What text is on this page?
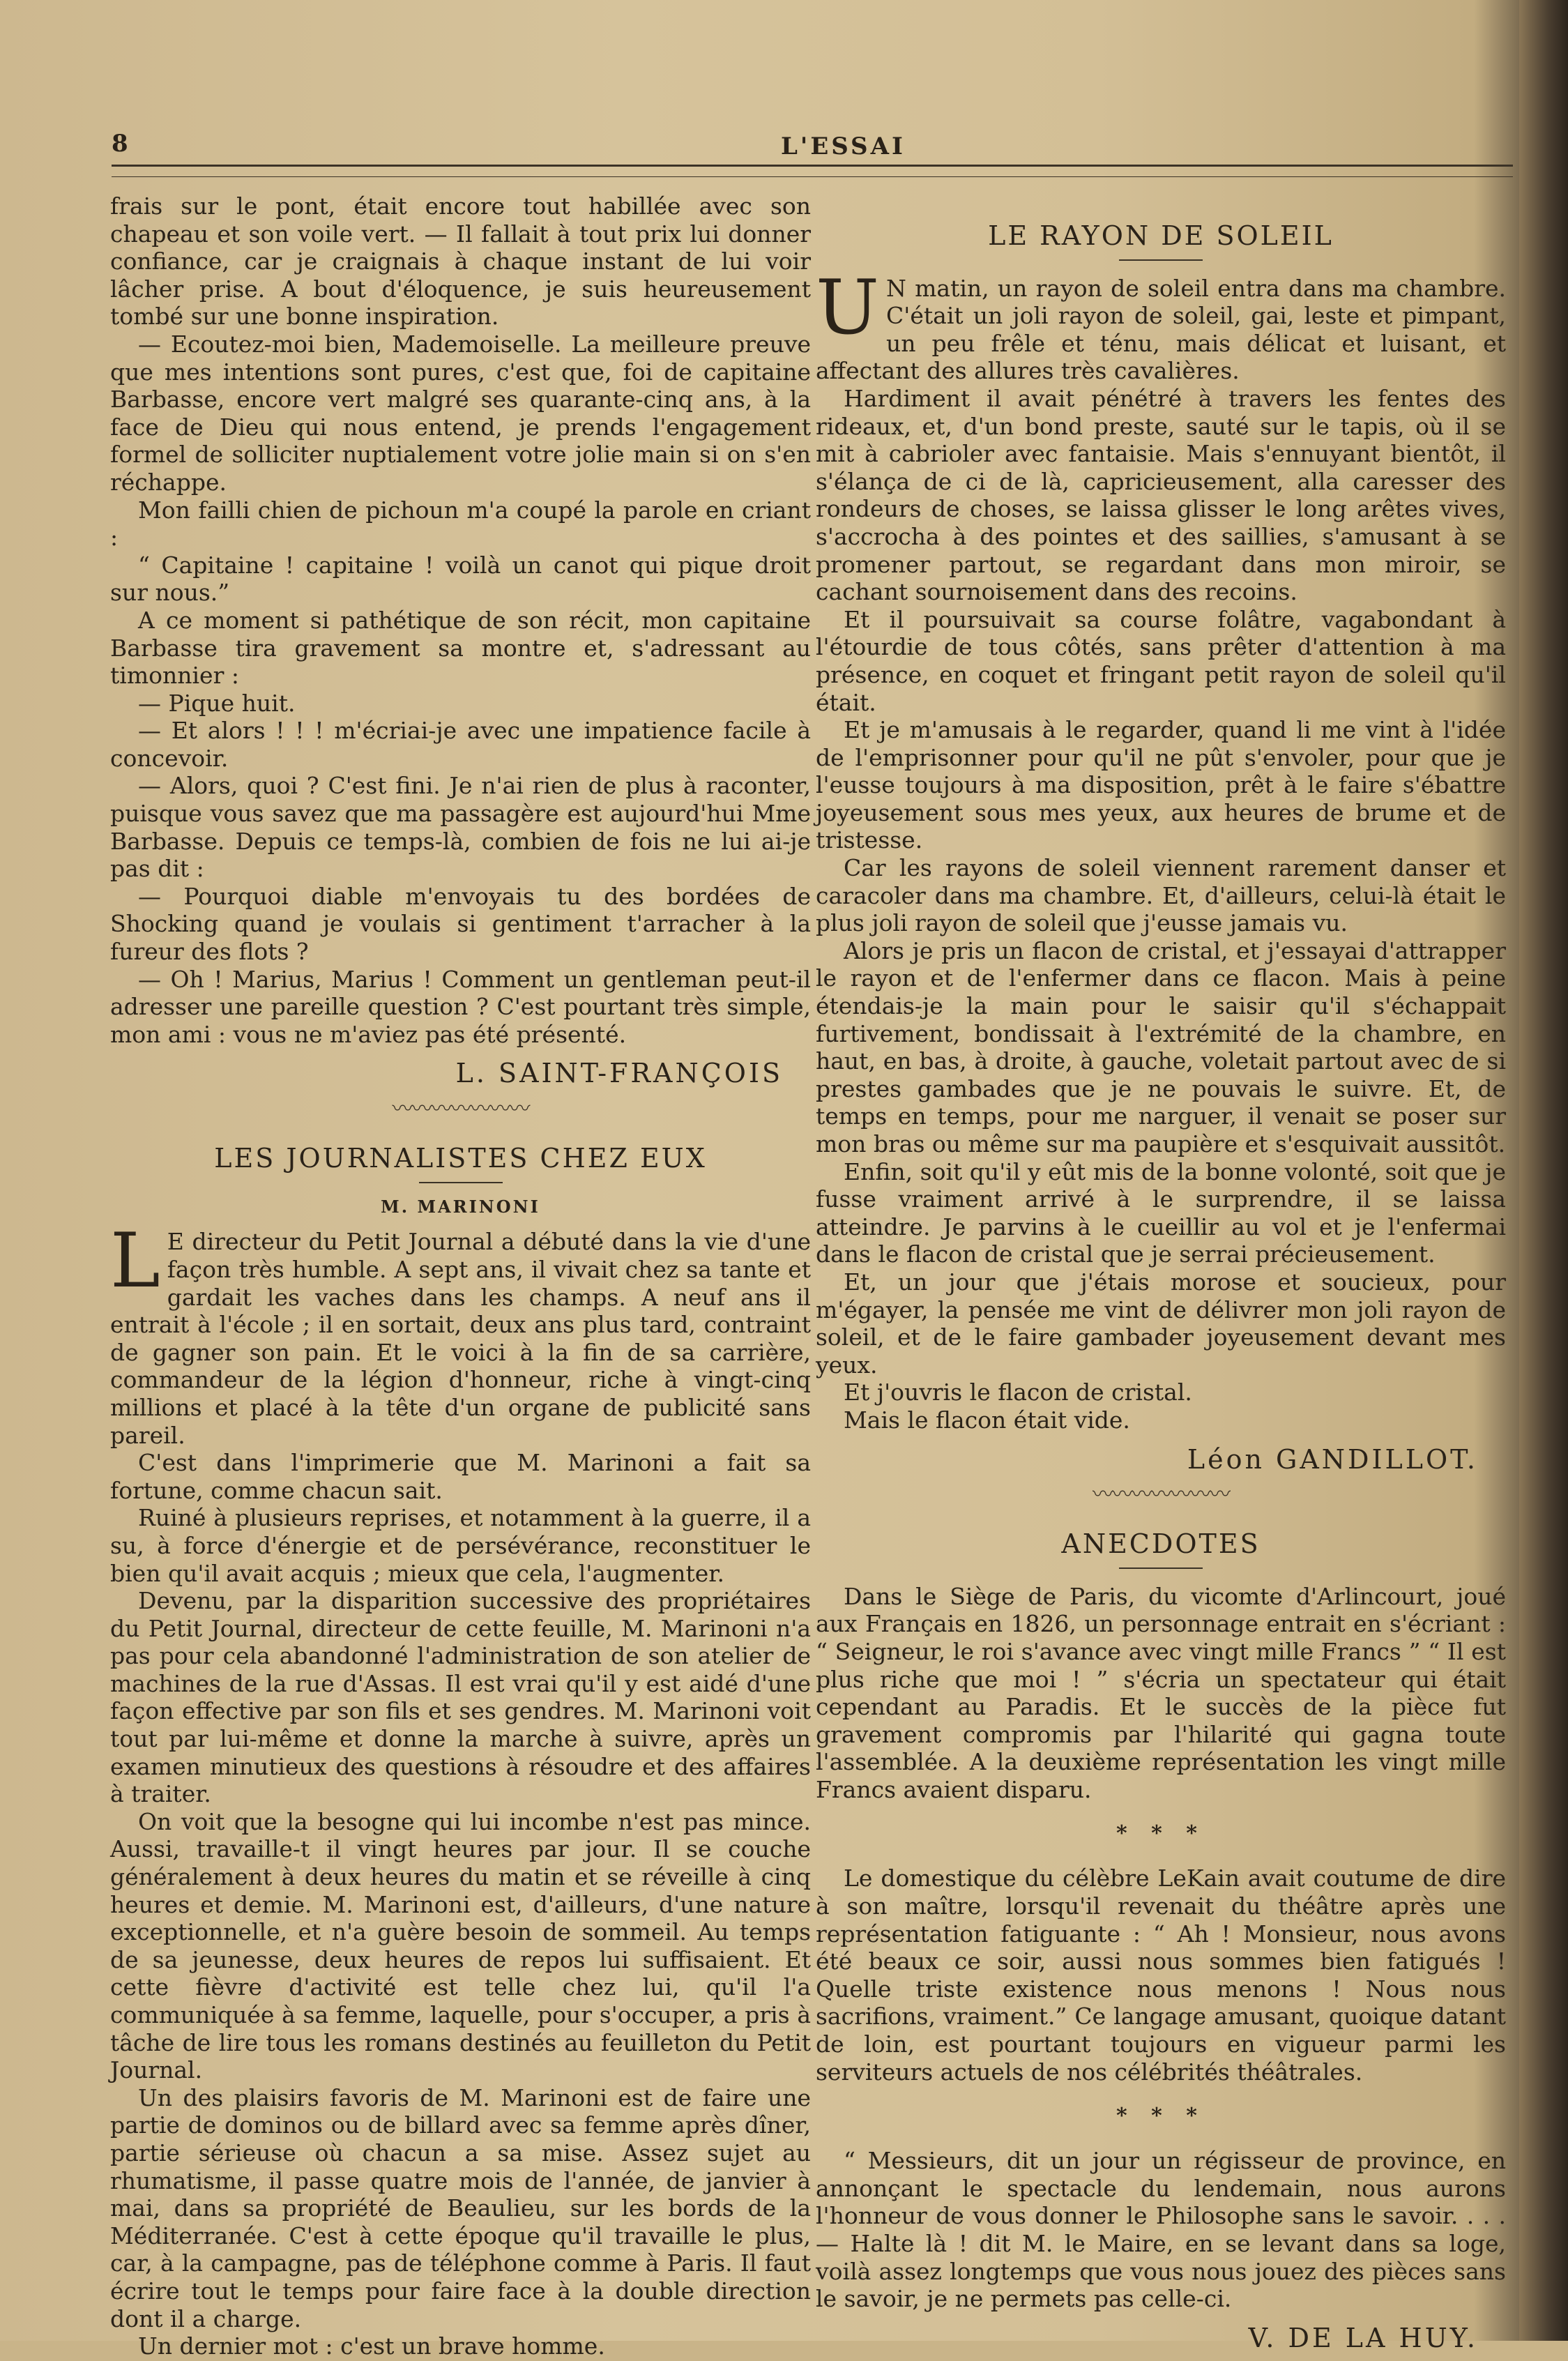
8	L'ESSAI

frais sur le pont, était encore tout habillée avec son chapeau et son voile vert. — Il fallait à tout prix lui donner confiance, car je craignais à chaque instant de lui voir lâcher prise. A bout d'éloquence, je suis heureusement tombé sur une bonne inspiration.

— Ecoutez-moi bien, Mademoiselle. La meilleure preuve que mes intentions sont pures, c'est que, foi de capitaine Barbasse, encore vert malgré ses quarante-cinq ans, à la face de Dieu qui nous entend, je prends l'engagement formel de solliciter nuptialement votre jolie main si on s'en réchappe.

Mon failli chien de pichoun m'a coupé la parole en criant :

“ Capitaine ! capitaine ! voilà un canot qui pique droit sur nous.”

A ce moment si pathétique de son récit, mon capitaine Barbasse tira gravement sa montre et, s'adressant au timonnier :

— Pique huit.

— Et alors ! ! ! m'écriai-je avec une impatience facile à concevoir.

— Alors, quoi ? C'est fini. Je n'ai rien de plus à raconter, puisque vous savez que ma passagère est aujourd'hui Mme Barbasse. Depuis ce temps-là, combien de fois ne lui ai-je pas dit :

— Pourquoi diable m'envoyais tu des bordées de Shocking quand je voulais si gentiment t'arracher à la fureur des flots ?

— Oh ! Marius, Marius ! Comment un gentleman peut-il adresser une pareille question ? C'est pourtant très simple, mon ami : vous ne m'aviez pas été présenté.

L. SAINT-FRANÇOIS
〰〰〰〰〰〰〰
LES JOURNALISTES CHEZ EUX
M. MARINONI

L E directeur du Petit Journal a débuté dans la vie d'une façon très humble. A sept ans, il vivait chez sa tante et gardait les vaches dans les champs. A neuf ans il entrait à l'école ; il en sortait, deux ans plus tard, contraint de gagner son pain. Et le voici à la fin de sa carrière, commandeur de la légion d'honneur, riche à vingt-cinq millions et placé à la tête d'un organe de publicité sans pareil.

C'est dans l'imprimerie que M. Marinoni a fait sa fortune, comme chacun sait.

Ruiné à plusieurs reprises, et notamment à la guerre, il a su, à force d'énergie et de persévérance, reconstituer le bien qu'il avait acquis ; mieux que cela, l'augmenter.

Devenu, par la disparition successive des propriétaires du Petit Journal, directeur de cette feuille, M. Marinoni n'a pas pour cela abandonné l'administration de son atelier de machines de la rue d'Assas. Il est vrai qu'il y est aidé d'une façon effective par son fils et ses gendres. M. Marinoni voit tout par lui-même et donne la marche à suivre, après un examen minutieux des questions à résoudre et des affaires à traiter.

On voit que la besogne qui lui incombe n'est pas mince. Aussi, travaille-t il vingt heures par jour. Il se couche généralement à deux heures du matin et se réveille à cinq heures et demie. M. Marinoni est, d'ailleurs, d'une nature exceptionnelle, et n'a guère besoin de sommeil. Au temps de sa jeunesse, deux heures de repos lui suffisaient. Et cette fièvre d'activité est telle chez lui, qu'il l'a communiquée à sa femme, laquelle, pour s'occuper, a pris à tâche de lire tous les romans destinés au feuilleton du Petit Journal.

Un des plaisirs favoris de M. Marinoni est de faire une partie de dominos ou de billard avec sa femme après dîner, partie sérieuse où chacun a sa mise. Assez sujet au rhumatisme, il passe quatre mois de l'année, de janvier à mai, dans sa propriété de Beaulieu, sur les bords de la Méditerranée. C'est à cette époque qu'il travaille le plus, car, à la campagne, pas de téléphone comme à Paris. Il faut écrire tout le temps pour faire face à la double direction dont il a charge.

Un dernier mot : c'est un brave homme.

LE RAYON DE SOLEIL

U N matin, un rayon de soleil entra dans ma chambre. C'était un joli rayon de soleil, gai, leste et pimpant, un peu frêle et ténu, mais délicat et luisant, et affectant des allures très cavalières.

Hardiment il avait pénétré à travers les fentes des rideaux, et, d'un bond preste, sauté sur le tapis, où il se mit à cabrioler avec fantaisie. Mais s'ennuyant bientôt, il s'élança de ci de là, capricieusement, alla caresser des rondeurs de choses, se laissa glisser le long arêtes vives, s'accrocha à des pointes et des saillies, s'amusant à se promener partout, se regardant dans mon miroir, se cachant sournoisement dans des recoins.

Et il poursuivait sa course folâtre, vagabondant à l'étourdie de tous côtés, sans prêter d'attention à ma présence, en coquet et fringant petit rayon de soleil qu'il était.

Et je m'amusais à le regarder, quand li me vint à l'idée de l'emprisonner pour qu'il ne pût s'envoler, pour que je l'eusse toujours à ma disposition, prêt à le faire s'ébattre joyeusement sous mes yeux, aux heures de brume et de tristesse.

Car les rayons de soleil viennent rarement danser et caracoler dans ma chambre. Et, d'ailleurs, celui-là était le plus joli rayon de soleil que j'eusse jamais vu.

Alors je pris un flacon de cristal, et j'essayai d'attrapper le rayon et de l'enfermer dans ce flacon. Mais à peine étendais-je la main pour le saisir qu'il s'échappait furtivement, bondissait à l'extrémité de la chambre, en haut, en bas, à droite, à gauche, voletait partout avec de si prestes gambades que je ne pouvais le suivre. Et, de temps en temps, pour me narguer, il venait se poser sur mon bras ou même sur ma paupière et s'esquivait aussitôt.

Enfin, soit qu'il y eût mis de la bonne volonté, soit que je fusse vraiment arrivé à le surprendre, il se laissa atteindre. Je parvins à le cueillir au vol et je l'enfermai dans le flacon de cristal que je serrai précieusement.

Et, un jour que j'étais morose et soucieux, pour m'égayer, la pensée me vint de délivrer mon joli rayon de soleil, et de le faire gambader joyeusement devant mes yeux.

Et j'ouvris le flacon de cristal.

Mais le flacon était vide.

Léon GANDILLOT.
〰〰〰〰〰〰〰
ANECDOTES

Dans le Siège de Paris, du vicomte d'Arlincourt, joué aux Français en 1826, un personnage entrait en s'écriant : “ Seigneur, le roi s'avance avec vingt mille Francs ” “ Il est plus riche que moi ! ” s'écria un spectateur qui était cependant au Paradis. Et le succès de la pièce fut gravement compromis par l'hilarité qui gagna toute l'assemblée. A la deuxième représentation les vingt mille Francs avaient disparu.

* * *

Le domestique du célèbre LeKain avait coutume de dire à son maître, lorsqu'il revenait du théâtre après une représentation fatiguante : “ Ah ! Monsieur, nous avons été beaux ce soir, aussi nous sommes bien fatigués ! Quelle triste existence nous menons ! Nous nous sacrifions, vraiment.” Ce langage amusant, quoique datant de loin, est pourtant toujours en vigueur parmi les serviteurs actuels de nos célébrités théâtrales.

* * *

“ Messieurs, dit un jour un régisseur de province, en annonçant le spectacle du lendemain, nous aurons l'honneur de vous donner le Philosophe sans le savoir. . . . — Halte là ! dit M. le Maire, en se levant dans sa loge, voilà assez longtemps que vous nous jouez des pièces sans le savoir, je ne permets pas celle-ci.

V. DE LA HUY.
